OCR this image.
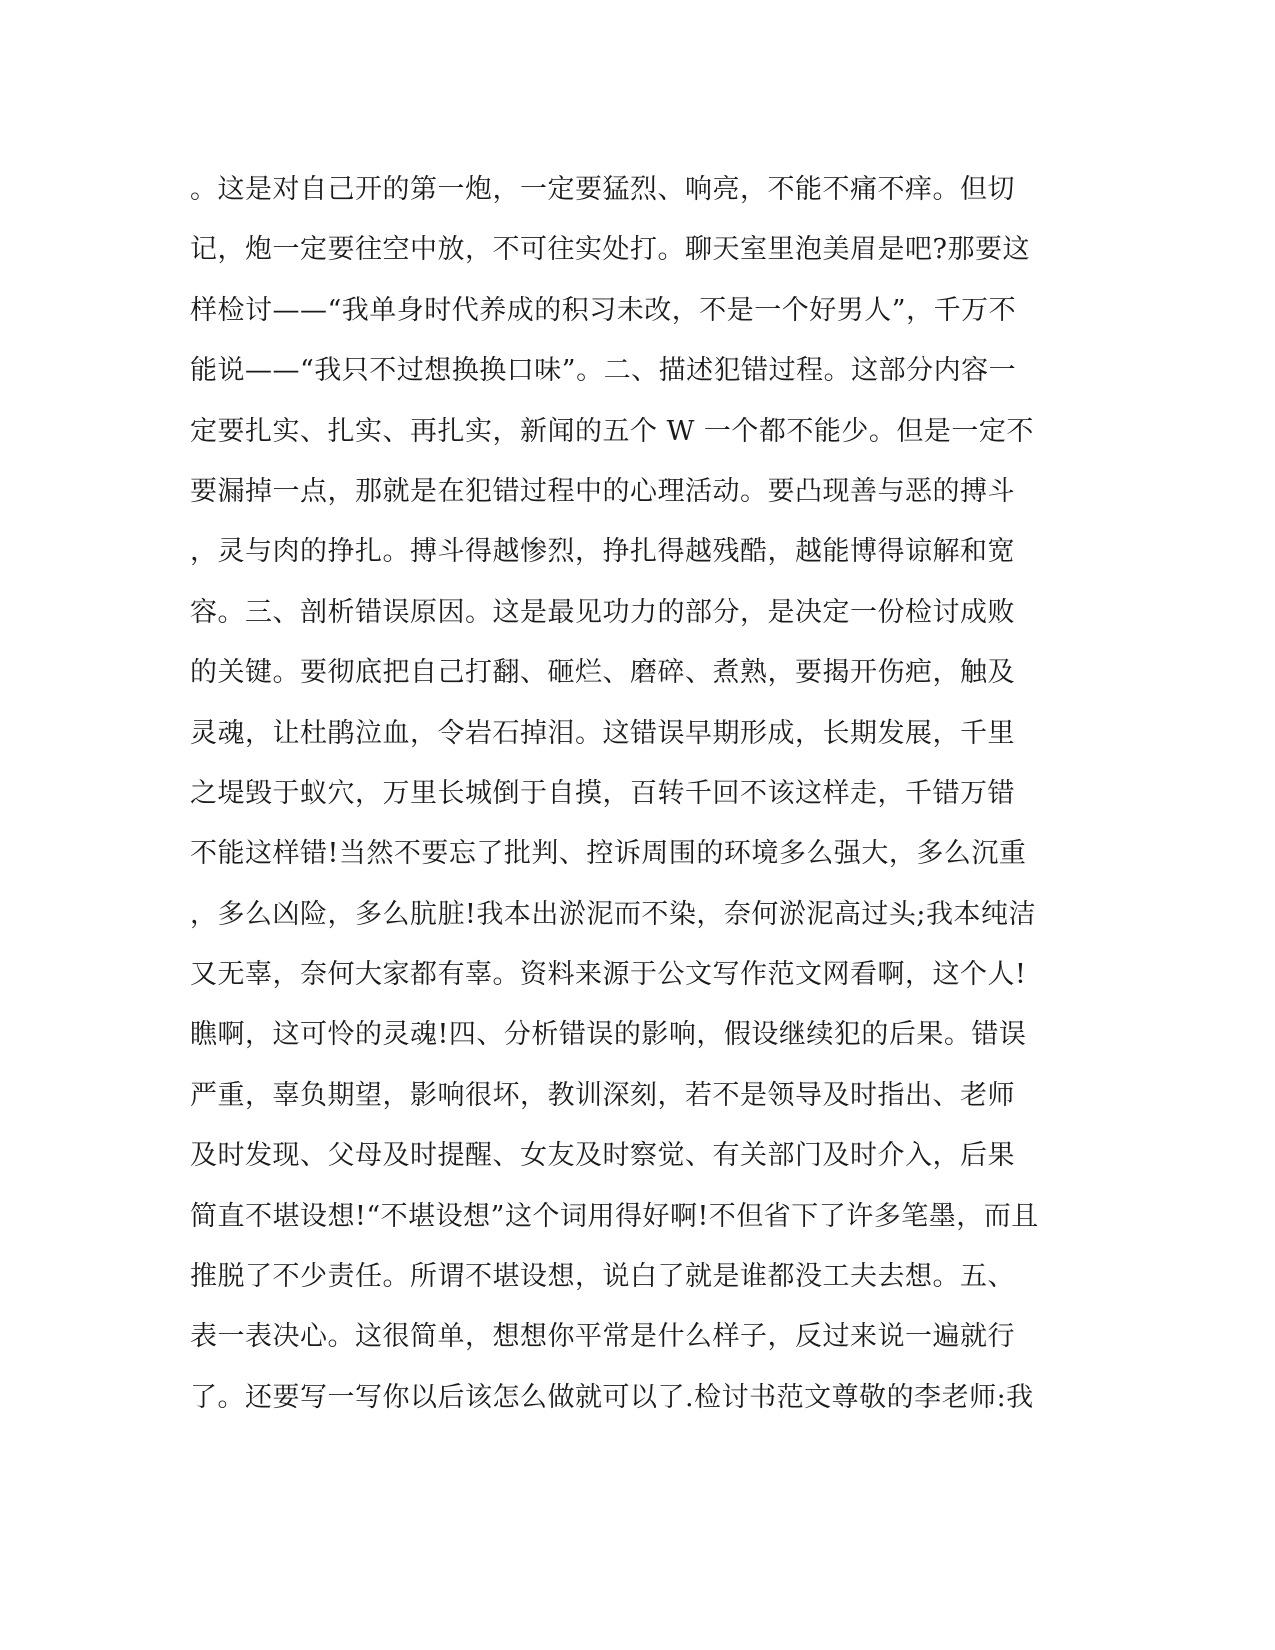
。这是对自己开的第一炮，一定要猛烈、响亮，不能不痛不痒。但切
记，炮一定要往空中放，不可往实处打。聊天室里泡美眉是吧?那要这
样检讨——“我单身时代养成的积习未改，不是一个好男人”，千万不
能说——“我只不过想换换口味”。二、描述犯错过程。这部分内容一
定要扎实、扎实、再扎实，新闻的五个 W 一个都不能少。但是一定不
要漏掉一点，那就是在犯错过程中的心理活动。要凸现善与恶的搏斗
，灵与肉的挣扎。搏斗得越惨烈，挣扎得越残酷，越能博得谅解和宽
容。三、剖析错误原因。这是最见功力的部分，是决定一份检讨成败
的关键。要彻底把自己打翻、砸烂、磨碎、煮熟，要揭开伤疤，触及
灵魂，让杜鹃泣血，令岩石掉泪。这错误早期形成，长期发展，千里
之堤毁于蚁穴，万里长城倒于自摸，百转千回不该这样走，千错万错
不能这样错!当然不要忘了批判、控诉周围的环境多么强大，多么沉重
，多么凶险，多么肮脏!我本出淤泥而不染，奈何淤泥高过头;我本纯洁
又无辜，奈何大家都有辜。资料来源于公文写作范文网看啊，这个人!
瞧啊，这可怜的灵魂!四、分析错误的影响，假设继续犯的后果。错误
严重，辜负期望，影响很坏，教训深刻，若不是领导及时指出、老师
及时发现、父母及时提醒、女友及时察觉、有关部门及时介入，后果
简直不堪设想!“不堪设想”这个词用得好啊!不但省下了许多笔墨，而且
推脱了不少责任。所谓不堪设想，说白了就是谁都没工夫去想。五、
表一表决心。这很简单，想想你平常是什么样子，反过来说一遍就行
了。还要写一写你以后该怎么做就可以了.检讨书范文尊敬的李老师:我
